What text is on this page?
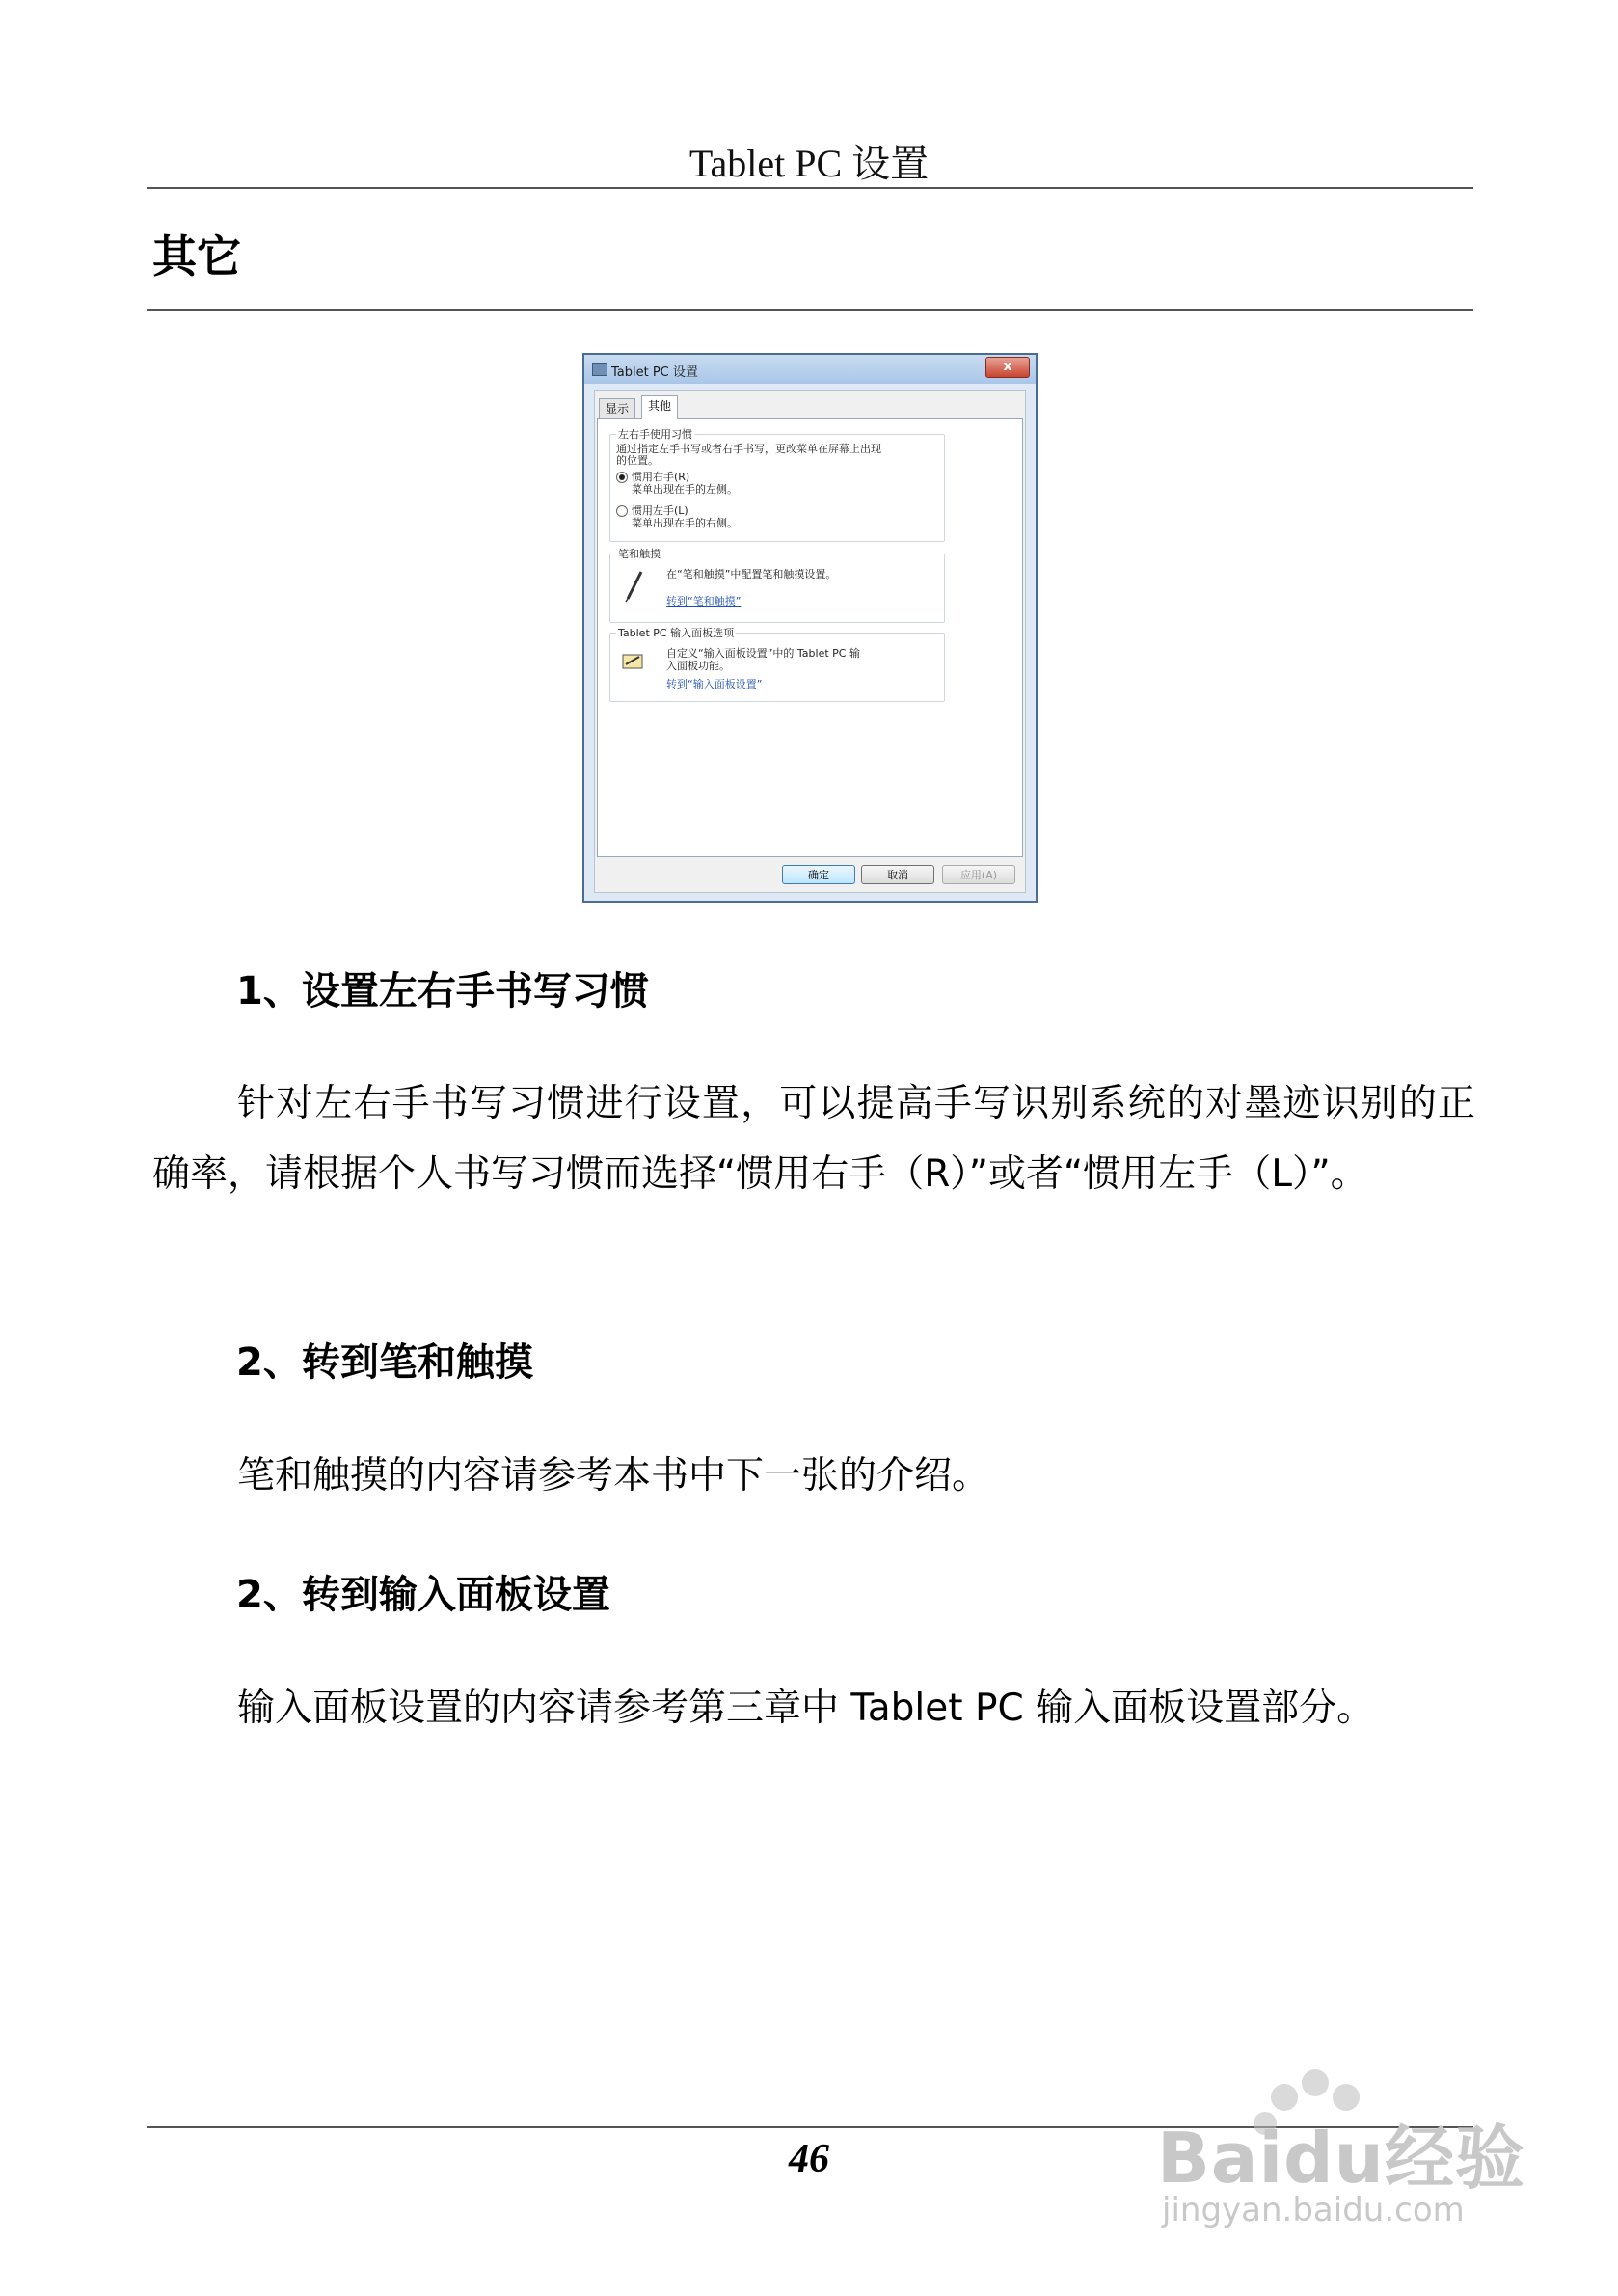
Tablet PC 设置
其它
Tablet PC 设置	x
显示	其他
左右手使用习惯
通过指定左手书写或者右手书写，更改菜单在屏幕上出现
的位置。
惯用右手(R)
菜单出现在手的左侧。
惯用左手(L)
菜单出现在手的右侧。
笔和触摸
在“笔和触摸”中配置笔和触摸设置。
转到“笔和触摸”
Tablet PC 输入面板选项
自定义“输入面板设置”中的 Tablet PC 输
入面板功能。
转到“输入面板设置”
确定	取消	应用(A)
1、设置左右手书写习惯
针对左右手书写习惯进行设置，可以提高手写识别系统的对墨迹识别的正确率，请根据个人书写习惯而选择“惯用右手（R）”或者“惯用左手（L）”。
2、转到笔和触摸
笔和触摸的内容请参考本书中下一张的介绍。
2、转到输入面板设置
输入面板设置的内容请参考第三章中 Tablet PC 输入面板设置部分。
46	Baidu经验
jingyan.baidu.com
